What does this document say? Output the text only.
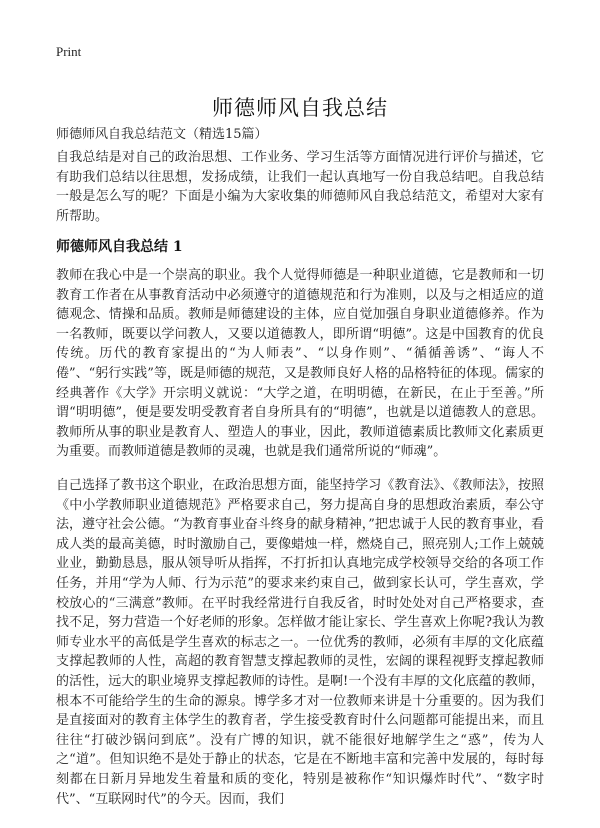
Print
师德师风自我总结
师德师风自我总结范文（精选15篇）

自我总结是对自己的政治思想、工作业务、学习生活等方面情况进行评价与描述，它有助我们总结以往思想，发扬成绩，让我们一起认真地写一份自我总结吧。自我总结一般是怎么写的呢？下面是小编为大家收集的师德师风自我总结范文，希望对大家有所帮助。

师德师风自我总结 1

教师在我心中是一个崇高的职业。我个人觉得师德是一种职业道德，它是教师和一切教育工作者在从事教育活动中必须遵守的道德规范和行为准则，以及与之相适应的道德观念、情操和品质。教师是师德建设的主体，应自觉加强自身职业道德修养。作为一名教师，既要以学问教人，又要以道德教人，即所谓“明德”。这是中国教育的优良传统。历代的教育家提出的“为人师表”、“以身作则”、“循循善诱”、“诲人不倦”、“躬行实践”等，既是师德的规范，又是教师良好人格的品格特征的体现。儒家的经典著作《大学》开宗明义就说：“大学之道，在明明德，在新民，在止于至善。”所谓“明明德”，便是要发明受教育者自身所具有的“明德”，也就是以道德教人的意思。教师所从事的职业是教育人、塑造人的事业，因此，教师道德素质比教师文化素质更为重要。而教师道德是教师的灵魂，也就是我们通常所说的“师魂”。

自己选择了教书这个职业，在政治思想方面，能坚持学习《教育法》、《教师法》，按照《中小学教师职业道德规范》严格要求自己，努力提高自身的思想政治素质，奉公守法，遵守社会公德。“为教育事业奋斗终身的献身精神，”把忠诚于人民的教育事业，看成人类的最高美德，时时激励自己，要像蜡烛一样，燃烧自己，照亮别人;工作上兢兢业业，勤勤恳恳，服从领导听从指挥，不打折扣认真地完成学校领导交给的各项工作任务，并用“学为人师、行为示范”的要求来约束自己，做到家长认可，学生喜欢，学校放心的“三满意”教师。在平时我经常进行自我反省，时时处处对自己严格要求，查找不足，努力营造一个好老师的形象。怎样做才能让家长、学生喜欢上你呢?我认为教师专业水平的高低是学生喜欢的标志之一。一位优秀的教师，必须有丰厚的文化底蕴支撑起教师的人性，高超的教育智慧支撑起教师的灵性，宏阔的课程视野支撑起教师的活性，远大的职业境界支撑起教师的诗性。是啊!一个没有丰厚的文化底蕴的教师，根本不可能给学生的生命的源泉。博学多才对一位教师来讲是十分重要的。因为我们是直接面对的教育主体学生的教育者，学生接受教育时什么问题都可能提出来，而且往往“打破沙锅问到底”。没有广博的知识，就不能很好地解学生之“惑”，传为人之“道”。但知识绝不是处于静止的状态，它是在不断地丰富和完善中发展的，每时每刻都在日新月异地发生着量和质的变化，特别是被称作“知识爆炸时代”、“数字时代”、“互联网时代”的今天。因而，我们
